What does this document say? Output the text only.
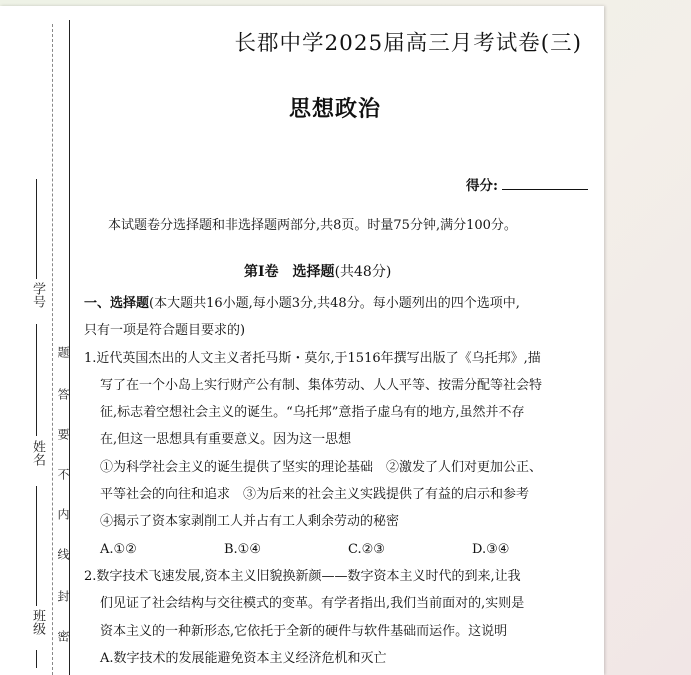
学号
姓名
班级
题
答
要
不
内
线
封
密
长郡中学2025届高三月考试卷(三)
思想政治
得分:
本试题卷分选择题和非选择题两部分,共8页。时量75分钟,满分100分。
第Ⅰ卷　选择题(共48分)
一、选择题(本大题共16小题,每小题3分,共48分。每小题列出的四个选项中,
只有一项是符合题目要求的)
1.近代英国杰出的人文主义者托马斯・莫尔,于1516年撰写出版了《乌托邦》,描
写了在一个小岛上实行财产公有制、集体劳动、人人平等、按需分配等社会特
征,标志着空想社会主义的诞生。“乌托邦”意指子虚乌有的地方,虽然并不存
在,但这一思想具有重要意义。因为这一思想
①为科学社会主义的诞生提供了坚实的理论基础　②激发了人们对更加公正、
平等社会的向往和追求　③为后来的社会主义实践提供了有益的启示和参考
④揭示了资本家剥削工人并占有工人剩余劳动的秘密
A.①②	B.①④	C.②③	D.③④
2.数字技术飞速发展,资本主义旧貌换新颜——数字资本主义时代的到来,让我
们见证了社会结构与交往模式的变革。有学者指出,我们当前面对的,实则是
资本主义的一种新形态,它依托于全新的硬件与软件基础而运作。这说明
A.数字技术的发展能避免资本主义经济危机和灭亡
